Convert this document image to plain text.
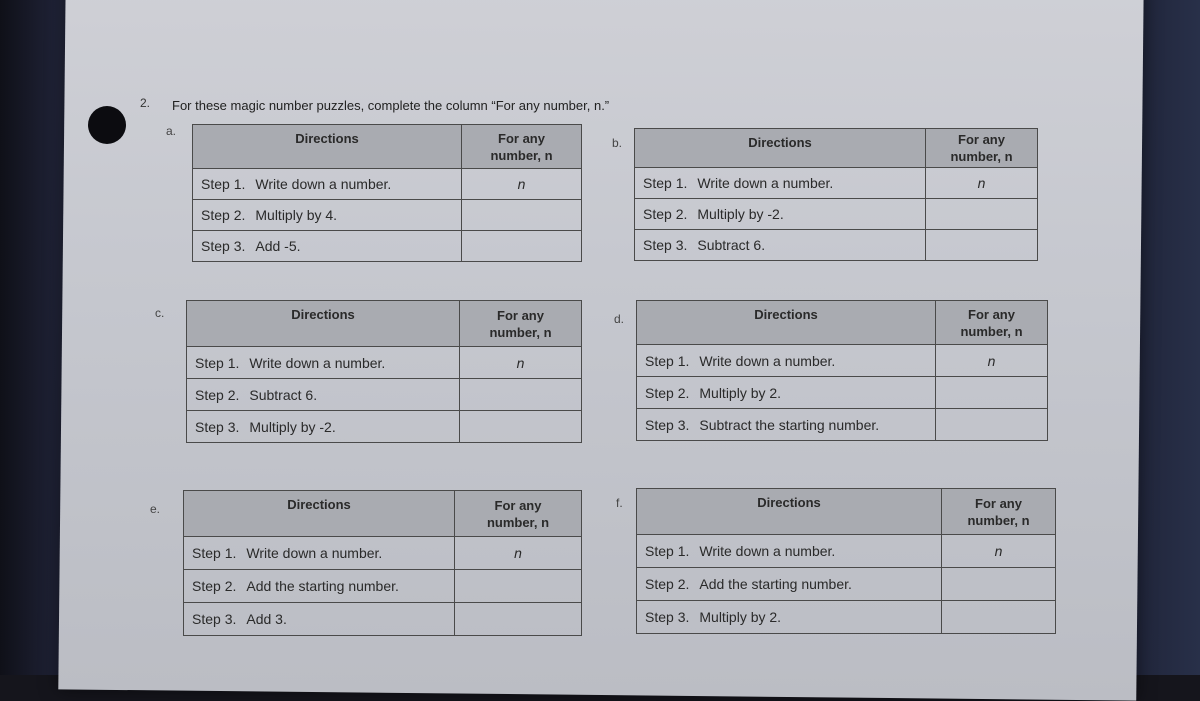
2. For these magic number puzzles, complete the column “For any number, n.”
a.	Directions	For any
number, n
Step 1. Write down a number.	n
Step 2. Multiply by 4.	
Step 3. Add -5.	
b.	Directions	For any
number, n
Step 1. Write down a number.	n
Step 2. Multiply by -2.	
Step 3. Subtract 6.	
c.	Directions	For any
number, n
Step 1. Write down a number.	n
Step 2. Subtract 6.	
Step 3. Multiply by -2.	
d.	Directions	For any
number, n
Step 1. Write down a number.	n
Step 2. Multiply by 2.	
Step 3. Subtract the starting number.	
e.	Directions	For any
number, n
Step 1. Write down a number.	n
Step 2. Add the starting number.	
Step 3. Add 3.	
f.	Directions	For any
number, n
Step 1. Write down a number.	n
Step 2. Add the starting number.	
Step 3. Multiply by 2.	
